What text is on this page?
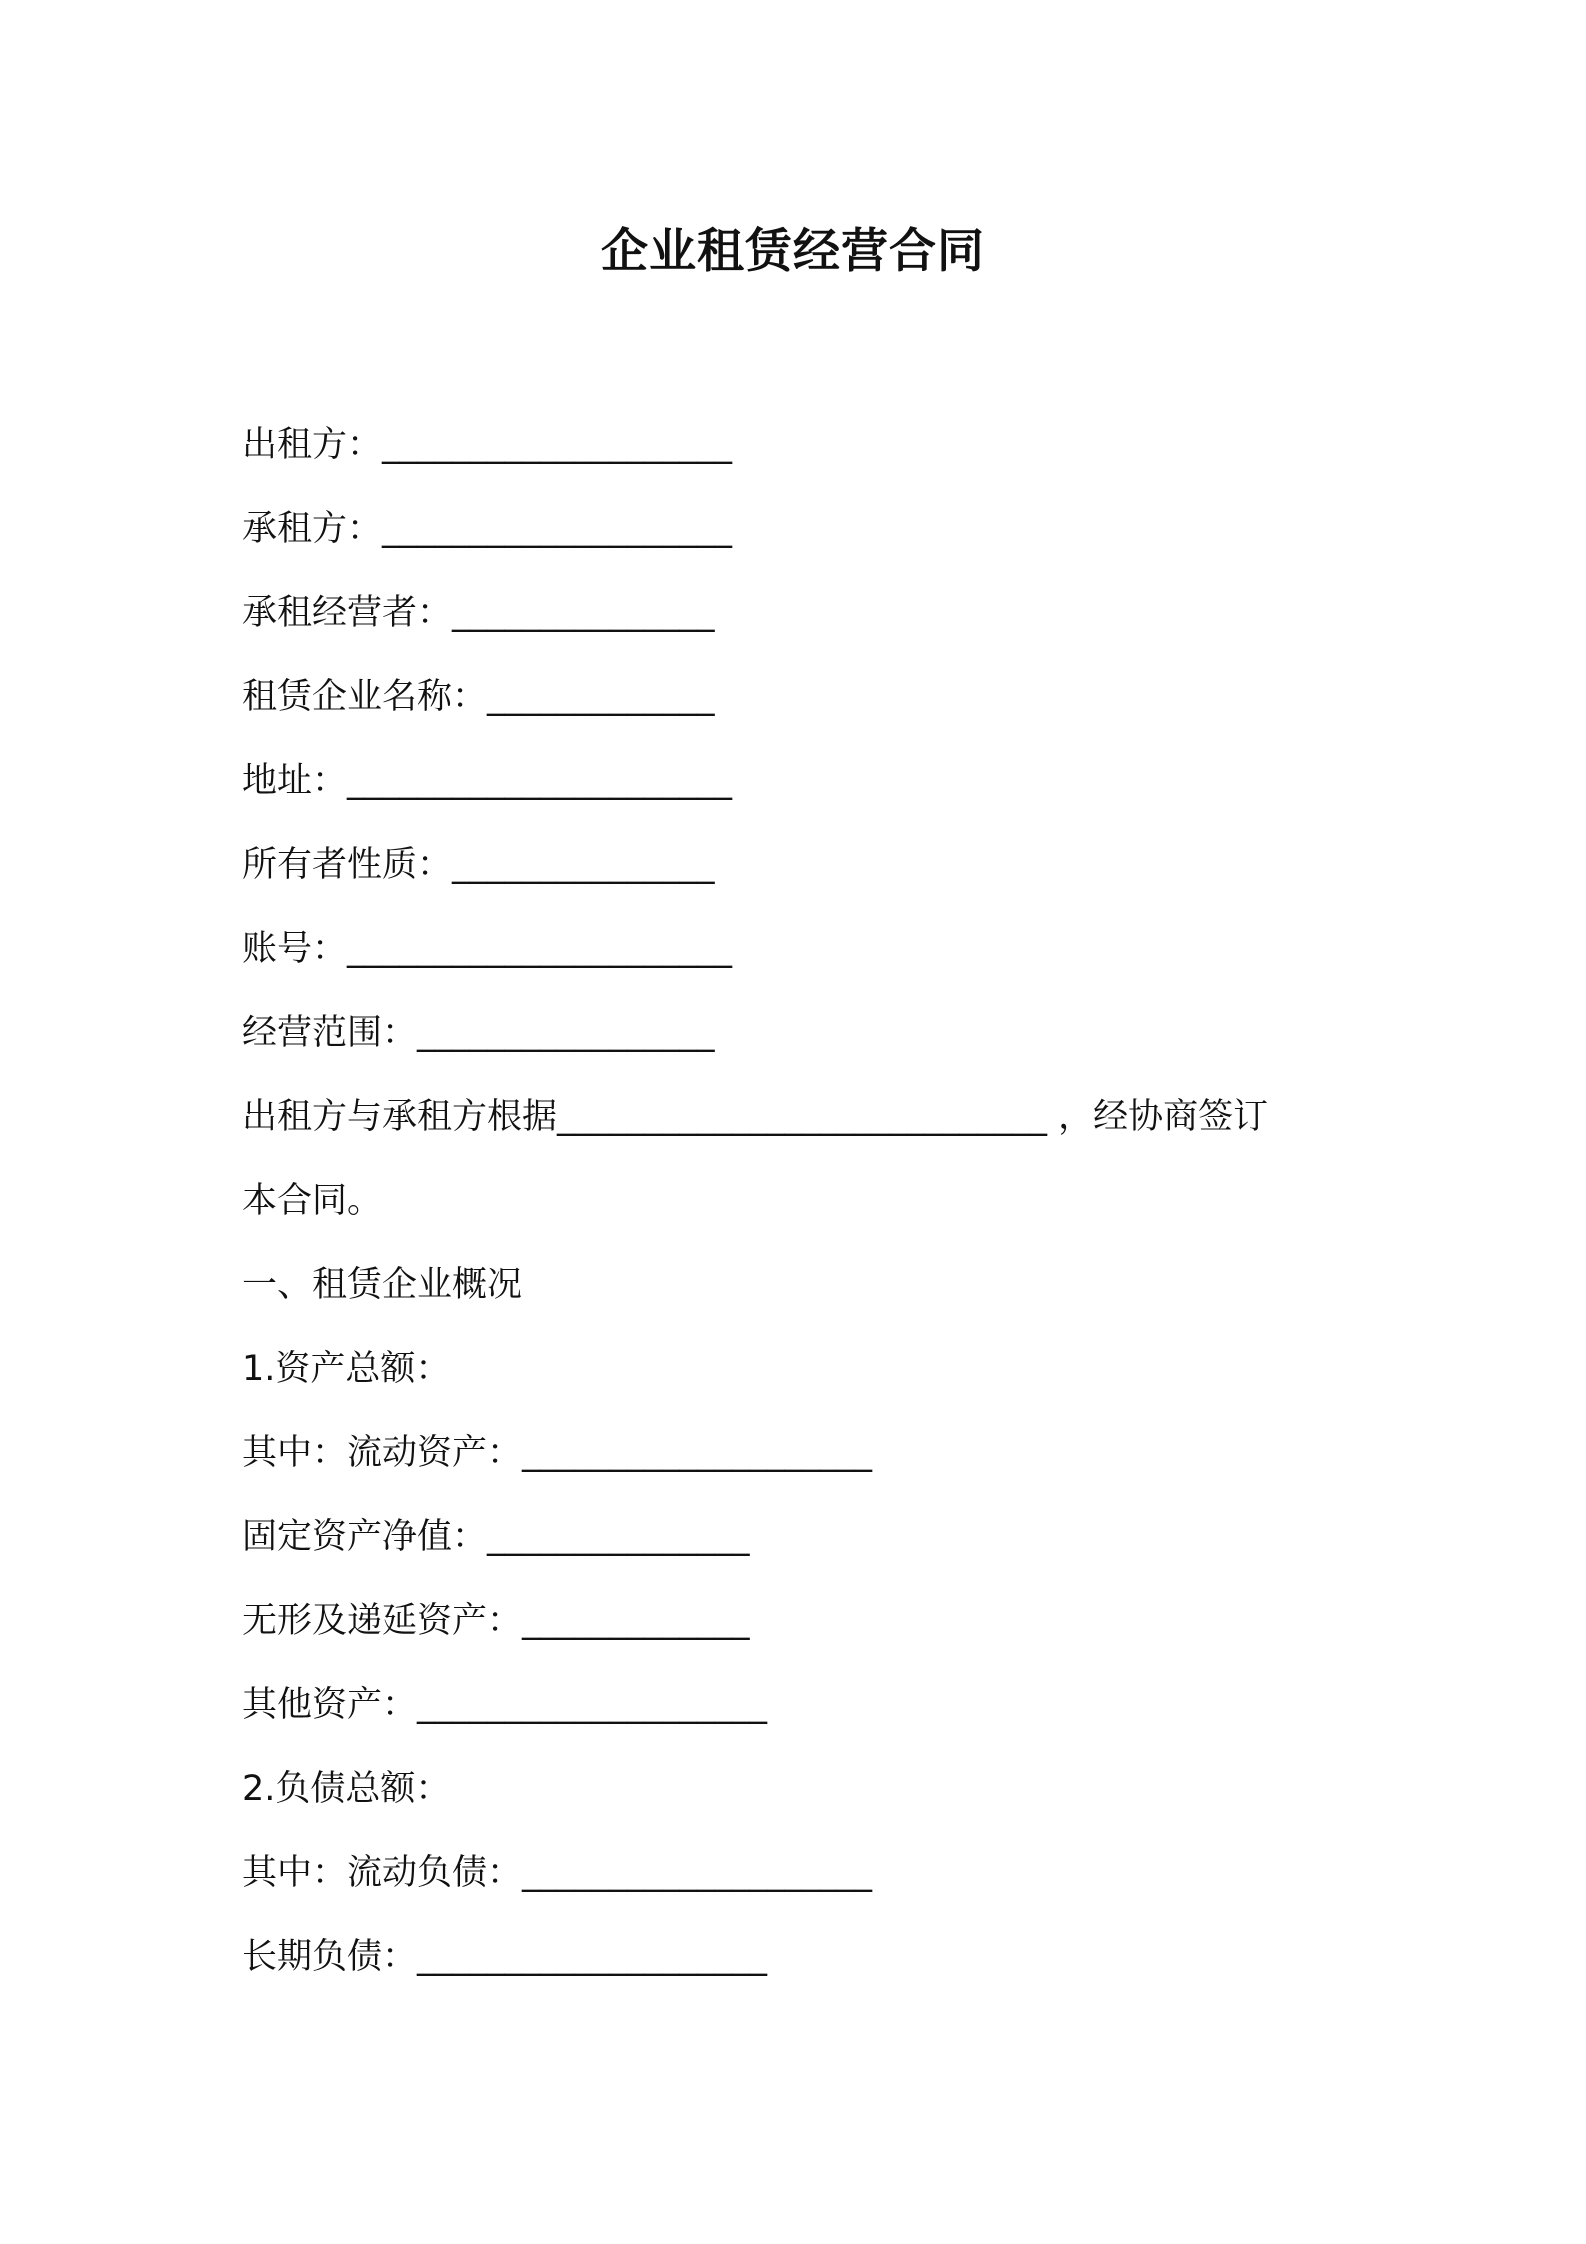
企业租赁经营合同
出租方：____________________
承租方：____________________
承租经营者：_______________
租赁企业名称：_____________
地址：______________________
所有者性质：_______________
账号：______________________
经营范围：_________________
出租方与承租方根据____________________________ ，经协商签订
本合同。
一、租赁企业概况
1.资产总额：
其中：流动资产：____________________
固定资产净值：_______________
无形及递延资产：_____________
其他资产：____________________
2.负债总额：
其中：流动负债：____________________
长期负债：____________________
